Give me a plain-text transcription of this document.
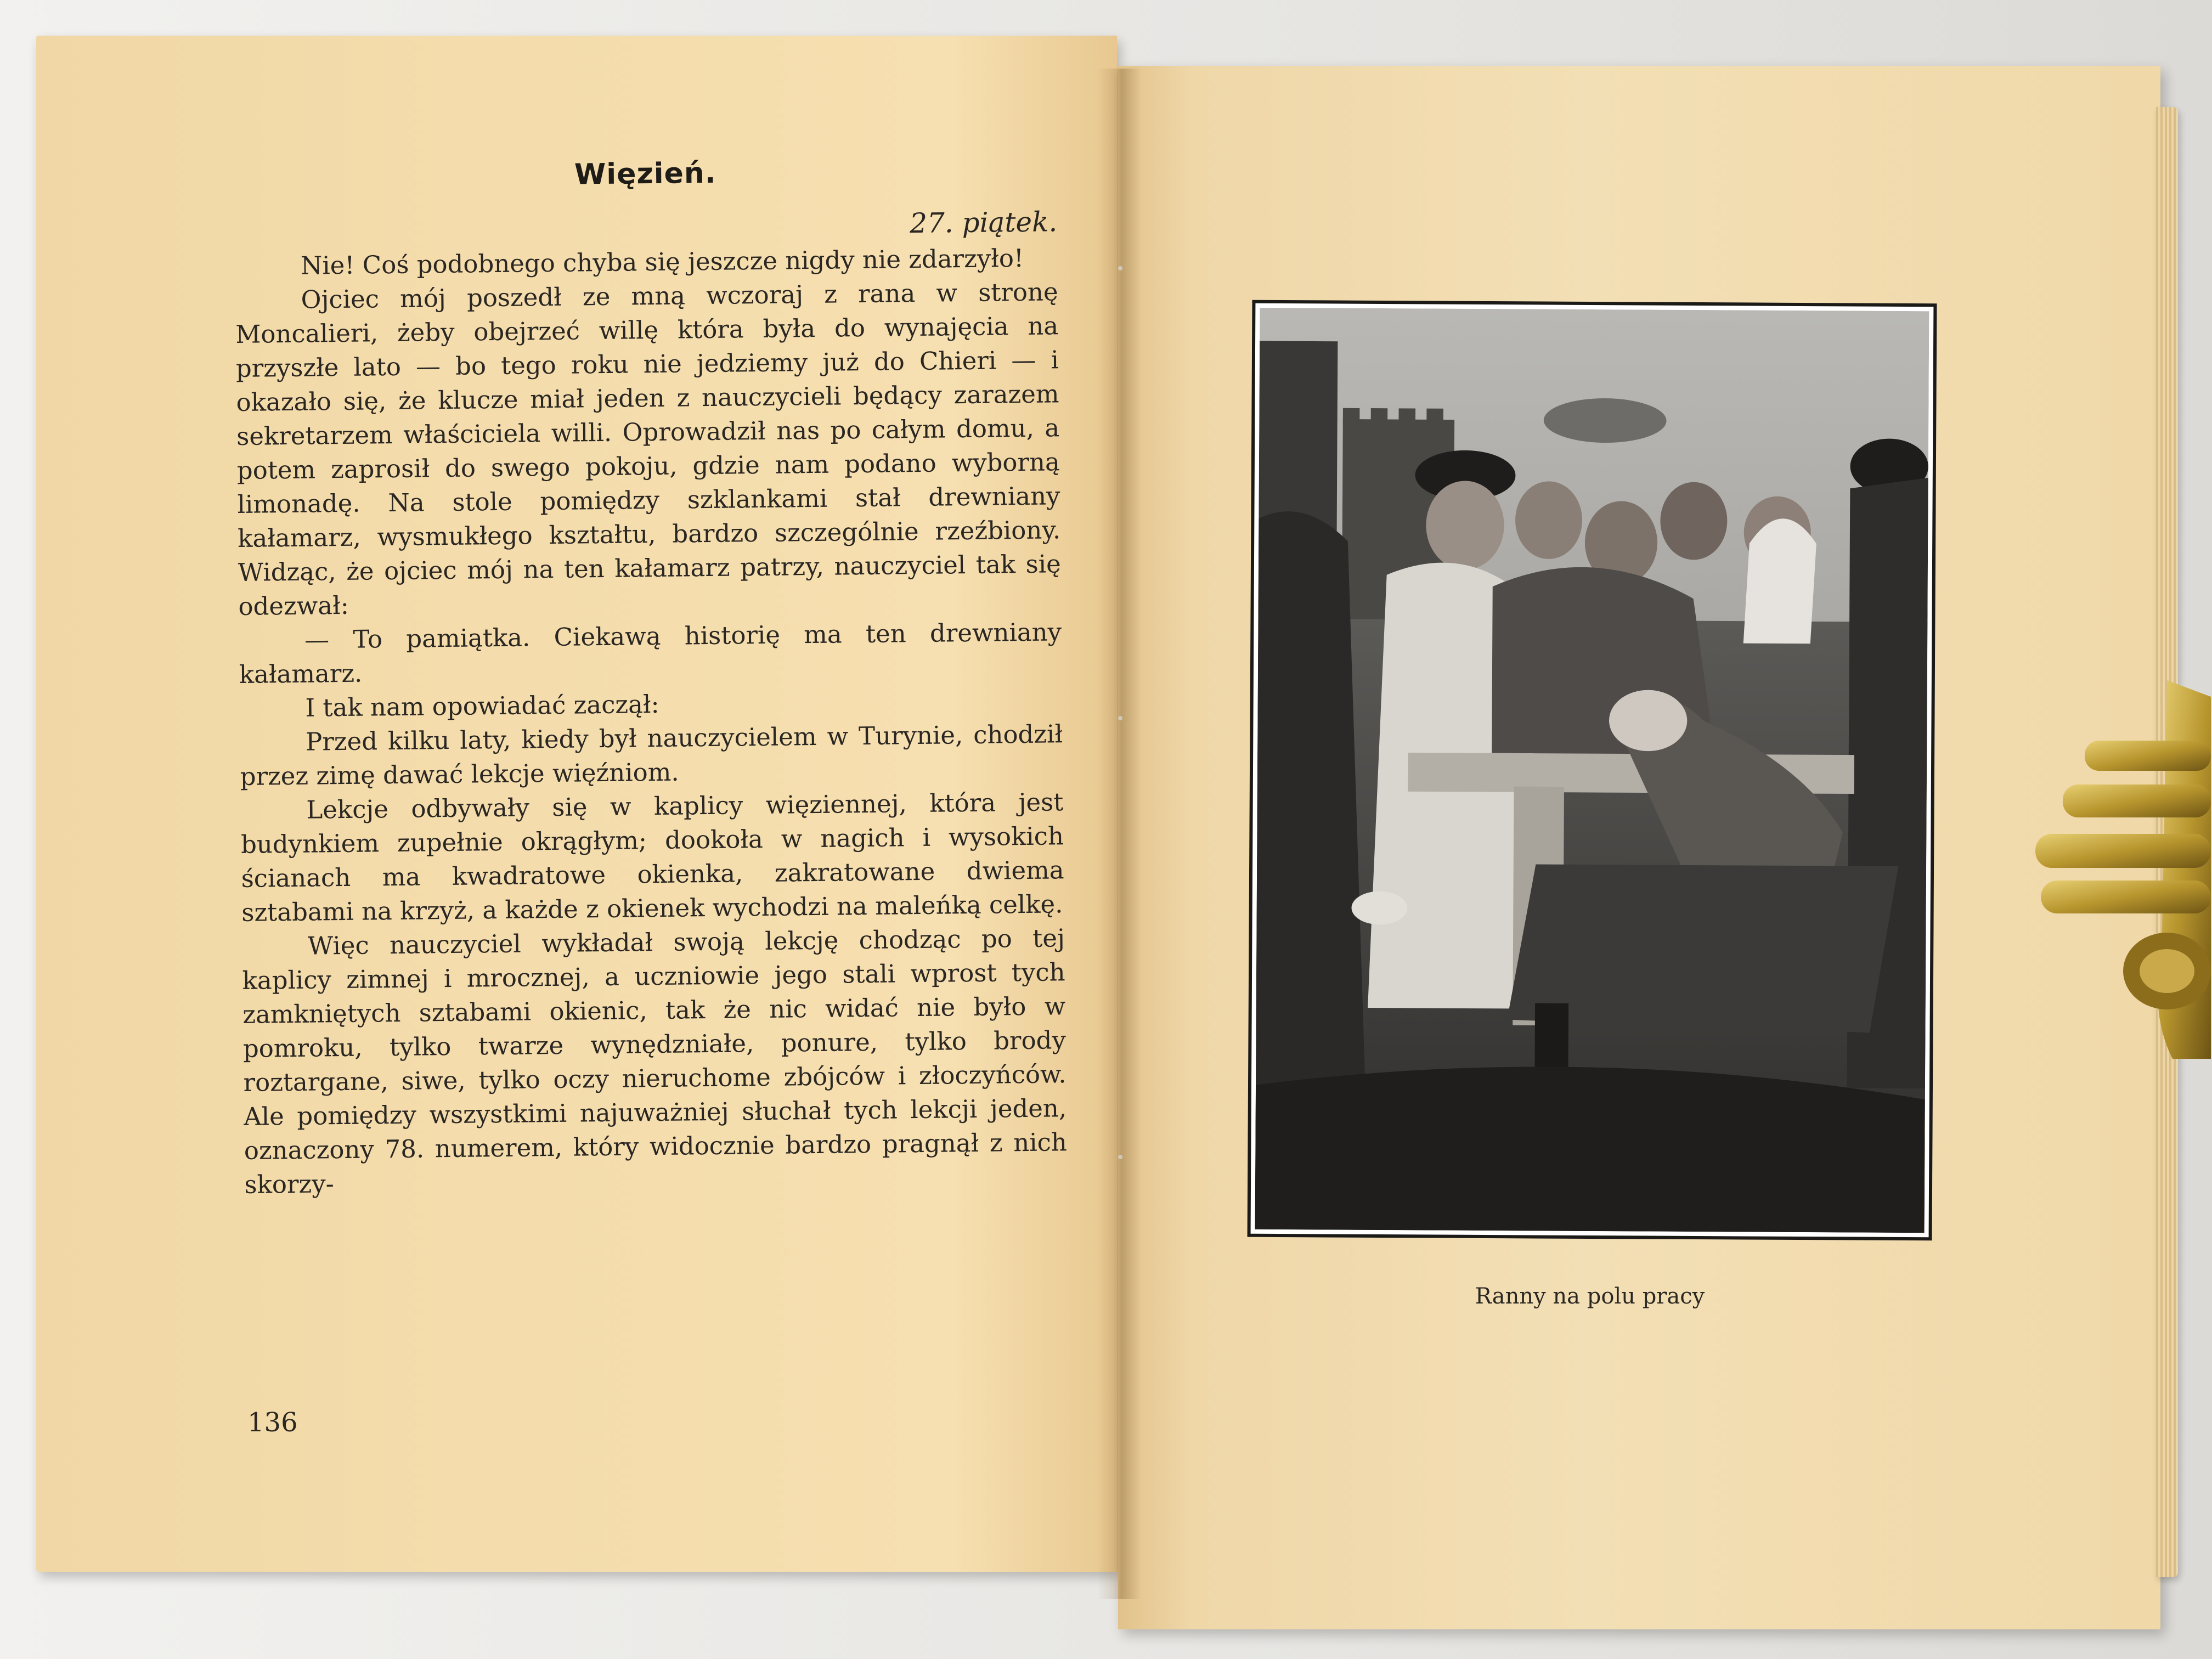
Więzień.
27. piątek.

Nie! Coś podobnego chyba się jeszcze nigdy nie zdarzyło!

Ojciec mój poszedł ze mną wczoraj z rana w stronę Moncalieri, żeby obejrzeć willę która była do wynajęcia na przyszłe lato — bo tego roku nie jedziemy już do Chieri — i okazało się, że klucze miał jeden z nauczycieli będący zarazem sekretarzem właściciela willi. Oprowadził nas po całym domu, a potem zaprosił do swego pokoju, gdzie nam podano wyborną limonadę. Na stole pomiędzy szklankami stał drewniany kałamarz, wysmukłego kształtu, bardzo szczególnie rzeźbiony. Widząc, że ojciec mój na ten kałamarz patrzy, nauczyciel tak się odezwał:

— To pamiątka. Ciekawą historię ma ten drewniany kałamarz.

I tak nam opowiadać zaczął:

Przed kilku laty, kiedy był nauczycielem w Turynie, chodził przez zimę dawać lekcje więźniom.

Lekcje odbywały się w kaplicy więziennej, która jest budynkiem zupełnie okrągłym; dookoła w nagich i wysokich ścianach ma kwadratowe okienka, zakratowane dwiema sztabami na krzyż, a każde z okienek wychodzi na maleńką celkę.

Więc nauczyciel wykładał swoją lekcję chodząc po tej kaplicy zimnej i mrocznej, a uczniowie jego stali wprost tych zamkniętych sztabami okienic, tak że nic widać nie było w pomroku, tylko twarze wynędzniałe, ponure, tylko brody roztargane, siwe, tylko oczy nieruchome zbójców i złoczyńców. Ale pomiędzy wszystkimi najuważniej słuchał tych lekcji jeden, oznaczony 78. numerem, który widocznie bardzo pragnął z nich skorzy-

136
Ranny na polu pracy
